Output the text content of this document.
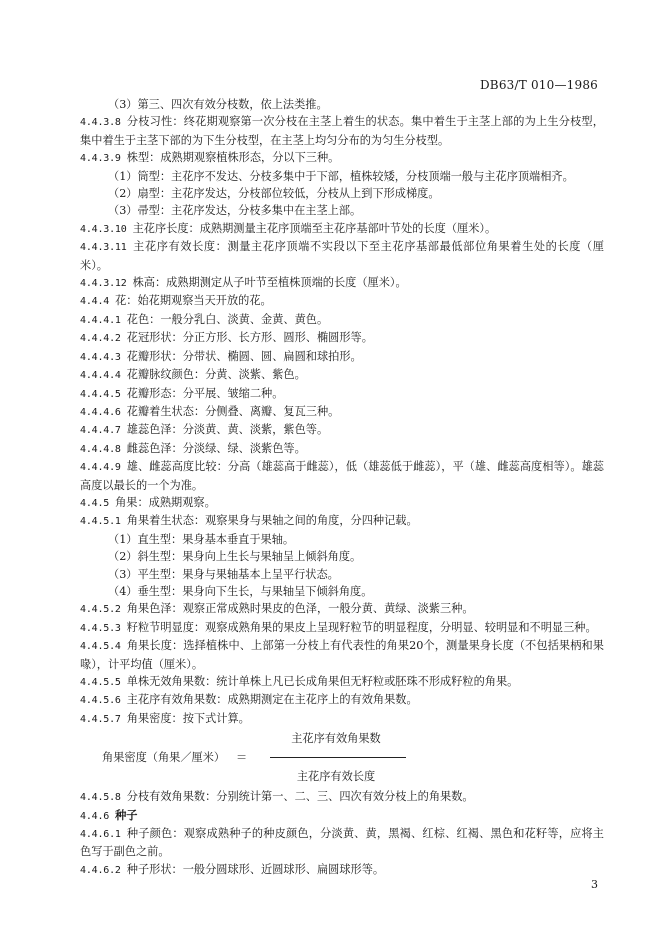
DB63/T 010—1986
（3）第三、四次有效分枝数，依上法类推。
4.4.3.8 分枝习性：终花期观察第一次分枝在主茎上着生的状态。集中着生于主茎上部的为上生分枝型，集中着生于主茎下部的为下生分枝型，在主茎上均匀分布的为匀生分枝型。
4.4.3.9 株型：成熟期观察植株形态，分以下三种。
（1）筒型：主花序不发达、分枝多集中于下部，植株较矮，分枝顶端一般与主花序顶端相齐。
（2）扇型：主花序发达，分枝部位较低，分枝从上到下形成梯度。
（3）帚型：主花序发达，分枝多集中在主茎上部。
4.4.3.10 主花序长度：成熟期测量主花序顶端至主花序基部叶节处的长度（厘米）。
4.4.3.11 主花序有效长度：测量主花序顶端不实段以下至主花序基部最低部位角果着生处的长度（厘米）。
4.4.3.12 株高：成熟期测定从子叶节至植株顶端的长度（厘米）。
4.4.4 花：始花期观察当天开放的花。
4.4.4.1 花色：一般分乳白、淡黄、金黄、黄色。
4.4.4.2 花冠形状：分正方形、长方形、圆形、椭圆形等。
4.4.4.3 花瓣形状：分带状、椭圆、圆、扁圆和球拍形。
4.4.4.4 花瓣脉纹颜色：分黄、淡紫、紫色。
4.4.4.5 花瓣形态：分平展、皱缩二种。
4.4.4.6 花瓣着生状态：分侧叠、离瓣、复瓦三种。
4.4.4.7 雄蕊色泽：分淡黄、黄、淡紫，紫色等。
4.4.4.8 雌蕊色泽：分淡绿、绿、淡紫色等。
4.4.4.9 雄、雌蕊高度比较：分高（雄蕊高于雌蕊），低（雄蕊低于雌蕊），平（雄、雌蕊高度相等）。雄蕊高度以最长的一个为准。
4.4.5 角果：成熟期观察。
4.4.5.1 角果着生状态：观察果身与果轴之间的角度，分四种记载。
（1）直生型：果身基本垂直于果轴。
（2）斜生型：果身向上生长与果轴呈上倾斜角度。
（3）平生型：果身与果轴基本上呈平行状态。
（4）垂生型：果身向下生长，与果轴呈下倾斜角度。
4.4.5.2 角果色泽：观察正常成熟时果皮的色泽，一般分黄、黄绿、淡紫三种。
4.4.5.3 籽粒节明显度：观察成熟角果的果皮上呈现籽粒节的明显程度，分明显、较明显和不明显三种。
4.4.5.4 角果长度：选择植株中、上部第一分枝上有代表性的角果20个，测量果身长度（不包括果柄和果喙），计平均值（厘米）。
4.4.5.5 单株无效角果数：统计单株上凡已长成角果但无籽粒或胚珠不形成籽粒的角果。
4.4.5.6 主花序有效角果数：成熟期测定在主花序上的有效角果数。
4.4.5.7 角果密度：按下式计算。
角果密度（角果／厘米） ＝
主花序有效角果数
主花序有效长度
4.4.5.8 分枝有效角果数：分别统计第一、二、三、四次有效分枝上的角果数。
4.4.6 种子
4.4.6.1 种子颜色：观察成熟种子的种皮颜色，分淡黄、黄，黑褐、红棕、红褐、黑色和花籽等，应将主色写于副色之前。
4.4.6.2 种子形状：一般分圆球形、近圆球形、扁圆球形等。
3
